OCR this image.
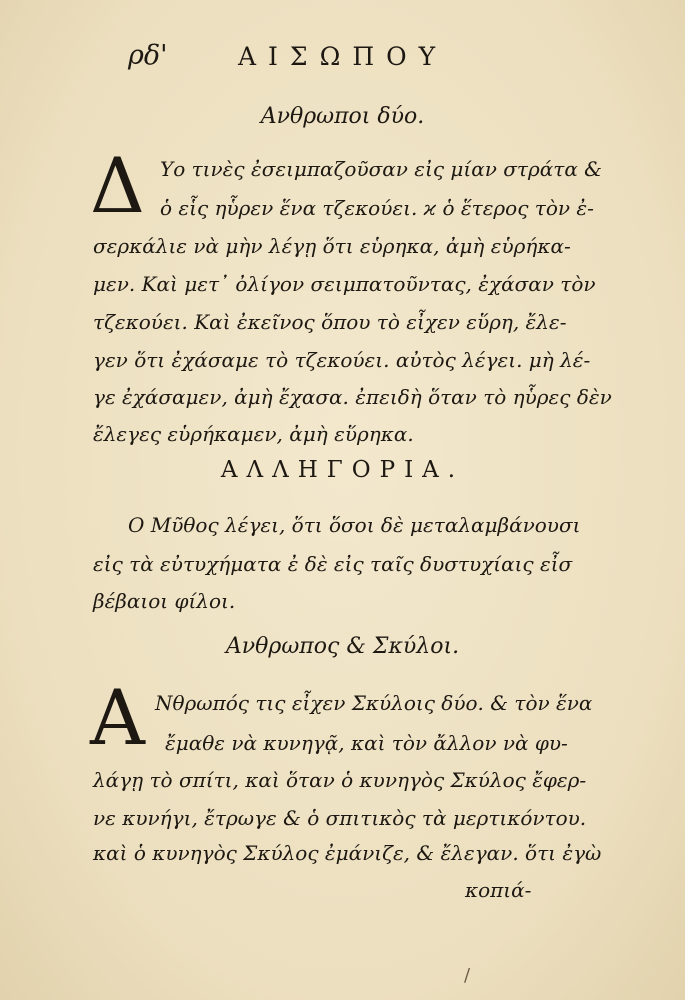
ρδ'	ΑΙΣΩΠΟΥ
Ανθρωποι δύο.
Δ Υο τινὲς ἐσειμπαζοῦσαν εἰς μίαν στράτα &
ὁ εἷς ηὗρεν ἕνα τζεκούει. ϰ ὁ ἕτερος τὸν ἐ-
σερκάλιε νὰ μὴν λέγῃ ὅτι εὑρηκα, ἀμὴ εὑρήκα-
μεν. Καὶ μετ᾽ ὀλίγον σειμπατοῦντας, ἐχάσαν τὸν
τζεκούει. Καὶ ἐκεῖνος ὅπου τὸ εἶχεν εὕρη, ἔλε-
γεν ὅτι ἐχάσαμε τὸ τζεκούει. αὐτὸς λέγει. μὴ λέ-
γε ἐχάσαμεν, ἀμὴ ἔχασα. ἐπειδὴ ὅταν τὸ ηὗρες δὲν
ἔλεγες εὑρήκαμεν, ἀμὴ εὕρηκα.
ΑΛΛΗΓΟΡΙΑ.
Ο Μῦθος λέγει, ὅτι ὅσοι δὲ μεταλαμβάνουσι
εἰς τὰ εὐτυχήματα ἐ δὲ εἰς ταῖς δυστυχίαις εἶσ
βέβαιοι φίλοι.
Ανθρωπος & Σκύλοι.
Α Νθρωπός τις εἶχεν Σκύλοις δύο. & τὸν ἕνα
ἔμαθε νὰ κυνηγᾷ, καὶ τὸν ἄλλον νὰ φυ-
λάγῃ τὸ σπίτι, καὶ ὅταν ὁ κυνηγὸς Σκύλος ἔφερ-
νε κυνήγι, ἔτρωγε & ὁ σπιτικὸς τὰ μερτικόντου.
καὶ ὁ κυνηγὸς Σκύλος ἐμάνιζε, & ἔλεγαν. ὅτι ἐγὼ
κοπιά-
/
